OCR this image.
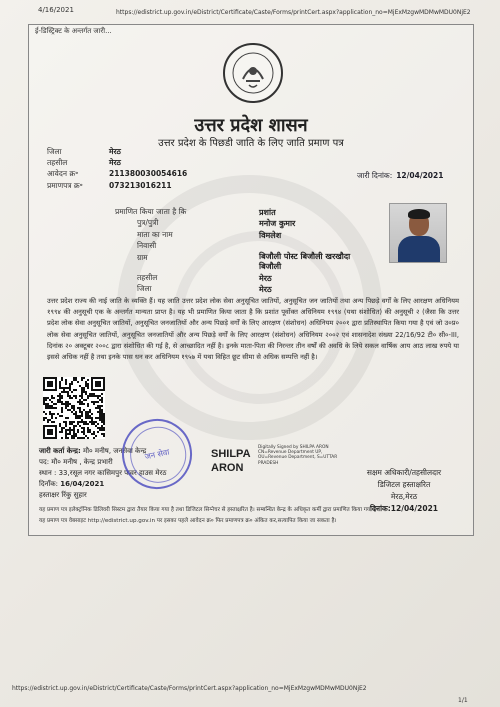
4/16/2021	https://edistrict.up.gov.in/eDistrict/Certificate/Caste/Forms/printCert.aspx?application_no=MjExMzgwMDMwMDU0NjE2
ई-डिस्ट्रिक्ट के अन्तर्गत जारी...
उत्तर प्रदेश शासन
उत्तर प्रदेश के पिछडी जाति के लिए जाति प्रमाण पत्र
जिला	मेरठ
तहसील	मेरठ
आवेदन क्र॰	211380030054616
प्रमाणपत्र क्र॰	073213016211
जारी दिनांक: 12/04/2021
प्रमाणित किया जाता है कि	प्रशांत
पुत्र/पुत्री	मनोज कुमार
माता का नाम	विमलेश
निवासी
ग्राम	बिजौली पोस्ट बिजौली खरखौदा
बिजौली
तहसील	मेरठ
जिला	मेरठ
उत्तर प्रदेश राज्य की नाई जाति के व्यक्ति हैं। यह जाति उत्तर प्रदेश लोक सेवा अनुसूचित जातियों, अनुसूचित जन जातियों तथा अन्य पिछड़े वर्गों के लिए आरक्षण अधिनियम १९९४ की अनुसूची एक के अन्तर्गत मान्यता प्राप्त है। यह भी प्रमाणित किया जाता है कि प्रशांत पूर्वोक्त अधिनियम १९९४ (यथा संशोधित) की अनुसूची २ (जैसा कि उत्तर प्रदेश लोक सेवा अनुसूचित जातियों, अनुसूचित जनजातियों और अन्य पिछड़े वर्गों के लिए आरक्षण (संशोधन) अधिनियम २००१ द्वारा प्रतिस्थापित किया गया है एवं जो उ०प्र० लोक सेवा अनुसूचित जातियों, अनुसूचित जनजातियों और अन्य पिछड़े वर्गों के लिए आरक्षण (संशोधन) अधिनियम २००२ एवं शासनादेश संख्या 22/16/92 टी० सी०-III, दिनांक २० अक्टूबर २००८ द्वारा संशोधित की गई है, से आच्छादित नहीं है। इनके माता-पिता की निरन्तर तीन वर्षों की अवधि के लिये सकल वार्षिक आय आठ लाख रुपये या इससे अधिक नहीं है तथा इनके पास धन कर अधिनियम १९५७ में यथा विहित छूट सीमा से अधिक सम्पत्ति नहीं है।
जारी कर्ता केन्द्र: मौ० मनीष, जनसेवा केन्द्र
पद: मौ० मनीष , केन्द्र प्रभारी
स्थान : 33,रसूल नगर कासिमपुर पावर हाउस मेरठ
दिनाँक: 16/04/2021
हस्ताक्षर रिंकु सुहार
जन सेवा	SHILPA
ARON
Digitally Signed by SHILPA ARON CN=Revenue Department UP, OU=Revenue Department, S=UTTAR PRADESH
सक्षम अधिकारी/तहसीलदार
डिजिटल हस्ताक्षरित
मेरठ,मेरठ
दिनांक:12/04/2021
यह प्रमाण पत्र इलेक्ट्रॉनिक डिलिवरी सिस्टम द्वारा तैयार किया गया है तथा डिजिटल सिग्नेचर से हस्ताक्षरित है। सम्बन्धित केन्द्र के अधिकृत कर्मी द्वारा प्रमाणित किया गया है।
यह प्रमाण पत्र वेबसाइट http://edistrict.up.gov.in पर इसका पहले आवेदन क्र० फिर प्रमाणपत्र क्र० अंकित कर,सत्यापित किया जा सकता है।
https://edistrict.up.gov.in/eDistrict/Certificate/Caste/Forms/printCert.aspx?application_no=MjExMzgwMDMwMDU0NjE2
1/1
